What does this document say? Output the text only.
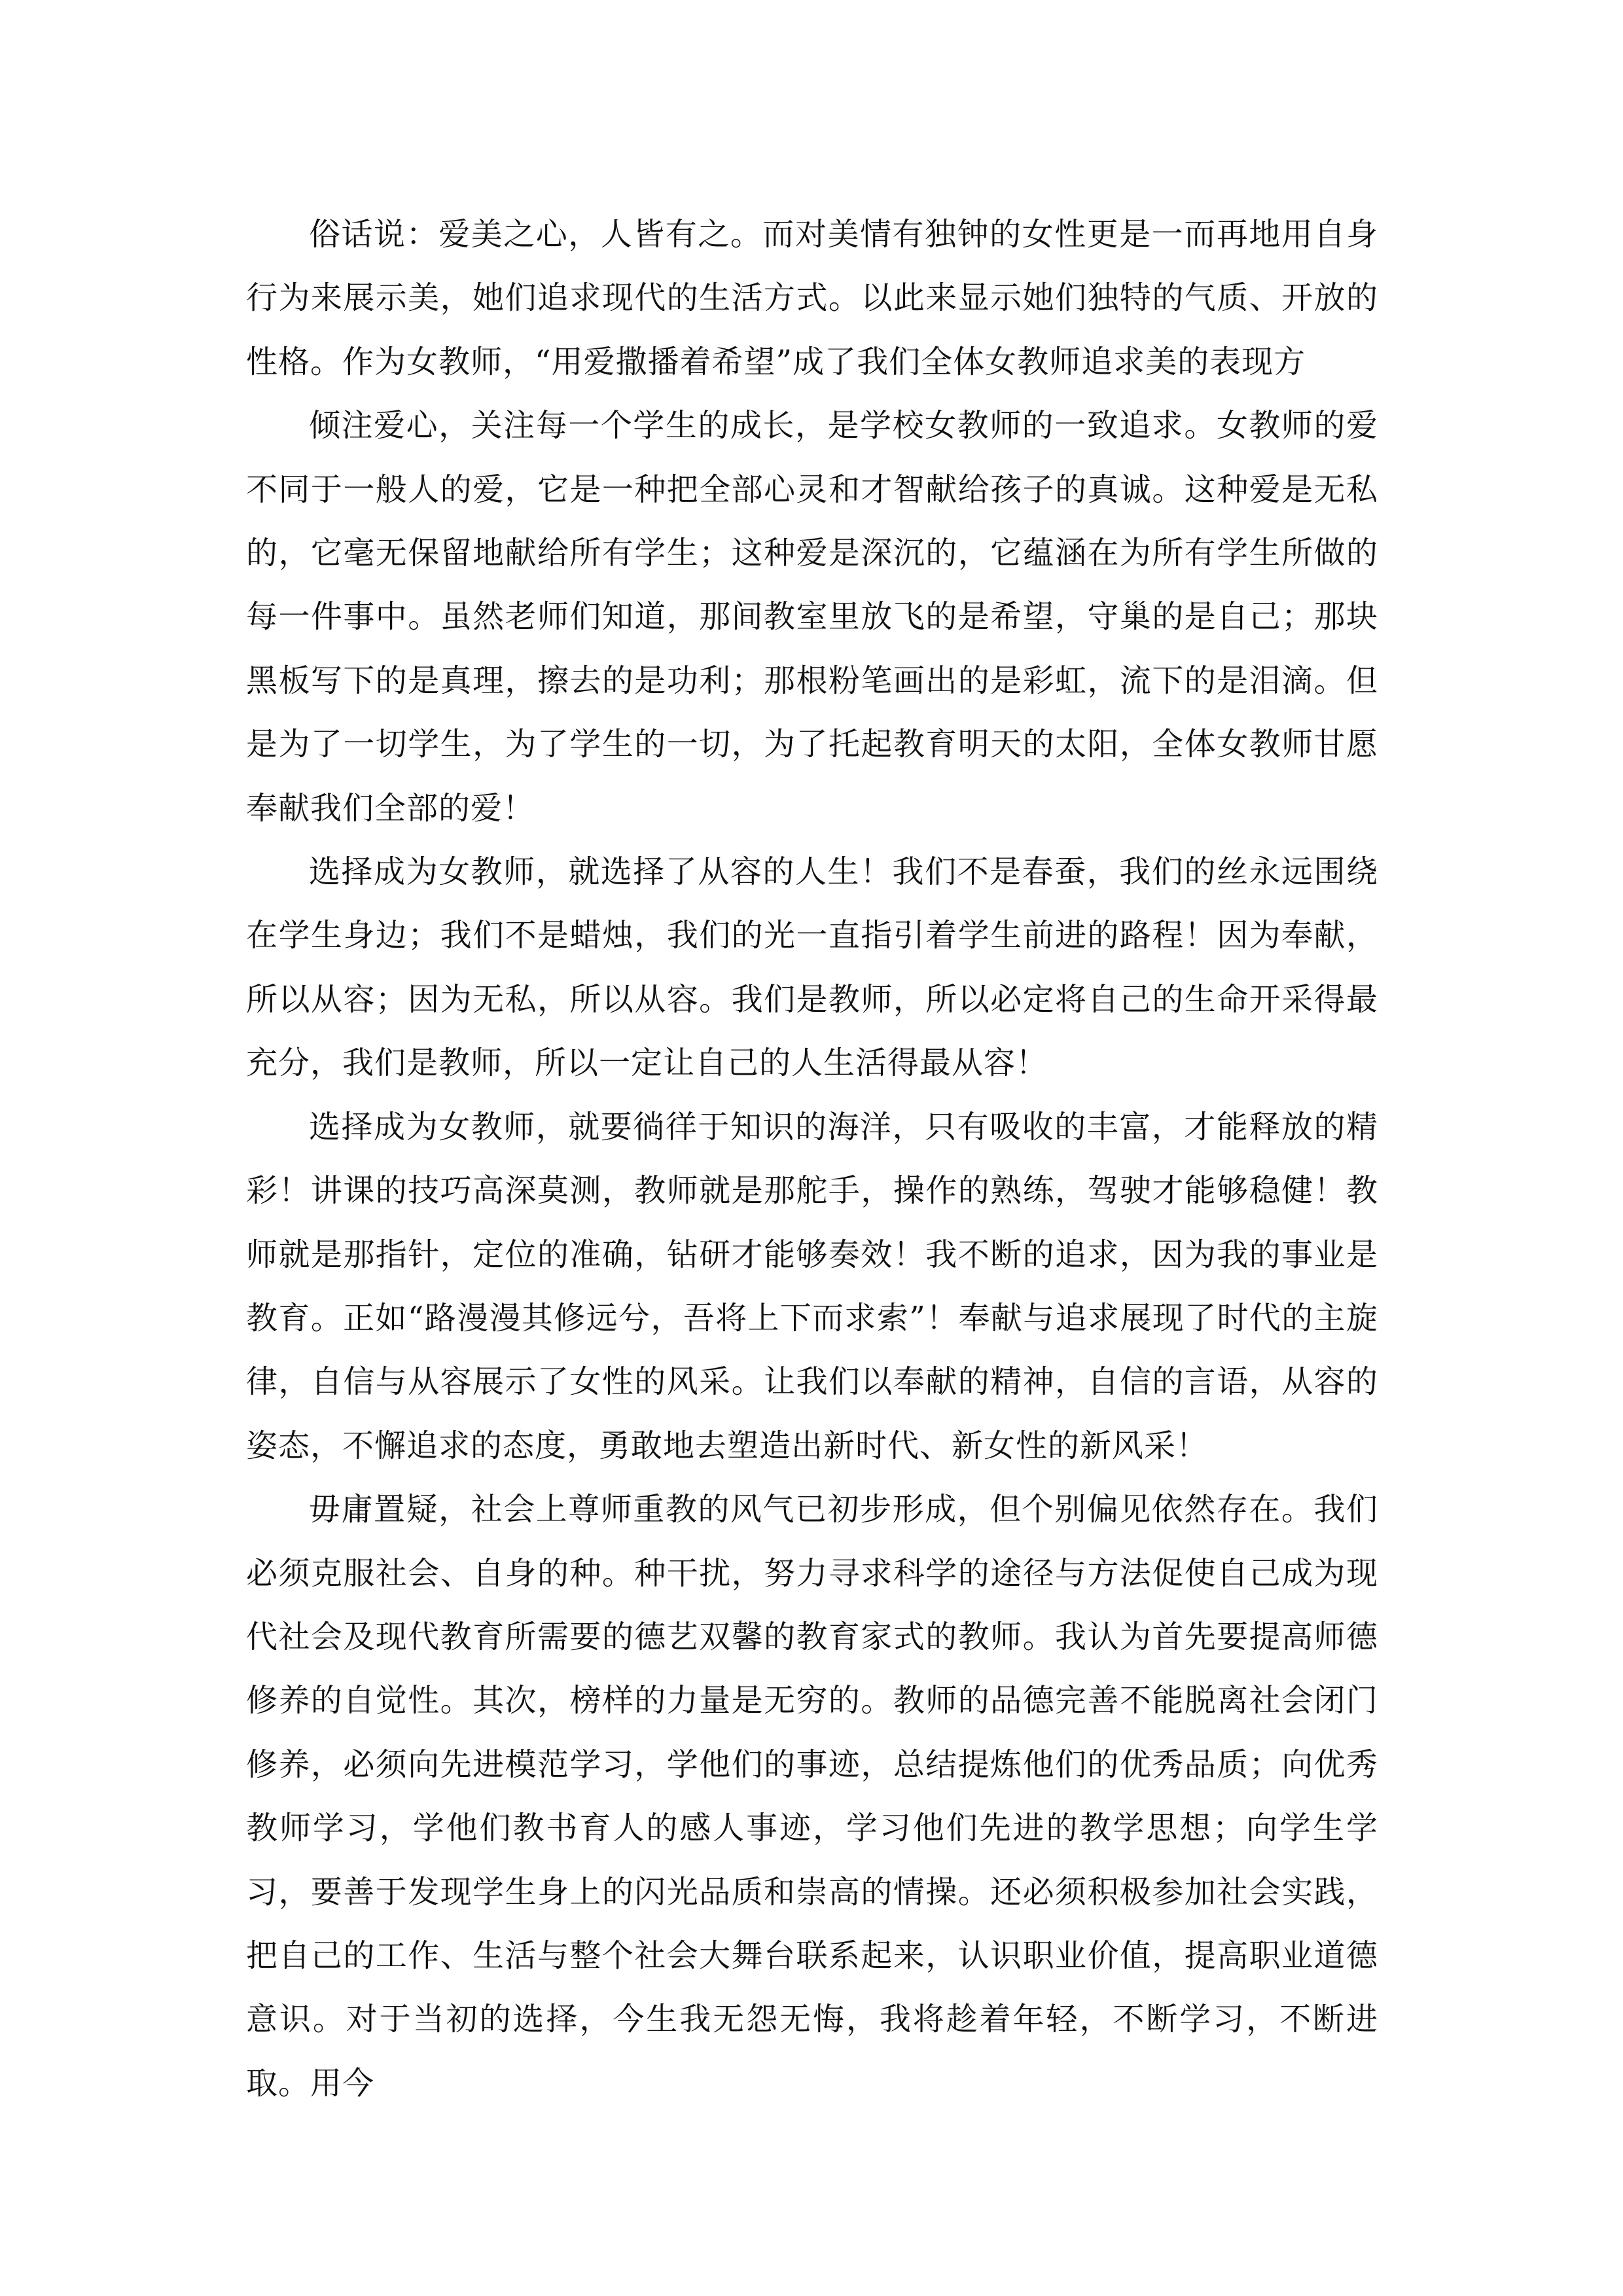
俗话说：爱美之心，人皆有之。而对美情有独钟的女性更是一而再地用自身行为来展示美，她们追求现代的生活方式。以此来显示她们独特的气质、开放的性格。作为女教师，“用爱撒播着希望”成了我们全体女教师追求美的表现方

倾注爱心，关注每一个学生的成长，是学校女教师的一致追求。女教师的爱不同于一般人的爱，它是一种把全部心灵和才智献给孩子的真诚。这种爱是无私的，它毫无保留地献给所有学生；这种爱是深沉的，它蕴涵在为所有学生所做的每一件事中。虽然老师们知道，那间教室里放飞的是希望，守巢的是自己；那块黑板写下的是真理，擦去的是功利；那根粉笔画出的是彩虹，流下的是泪滴。但是为了一切学生，为了学生的一切，为了托起教育明天的太阳，全体女教师甘愿奉献我们全部的爱！

选择成为女教师，就选择了从容的人生！我们不是春蚕，我们的丝永远围绕在学生身边；我们不是蜡烛，我们的光一直指引着学生前进的路程！因为奉献，所以从容；因为无私，所以从容。我们是教师，所以必定将自己的生命开采得最充分，我们是教师，所以一定让自己的人生活得最从容！

选择成为女教师，就要徜徉于知识的海洋，只有吸收的丰富，才能释放的精彩！讲课的技巧高深莫测，教师就是那舵手，操作的熟练，驾驶才能够稳健！教师就是那指针，定位的准确，钻研才能够奏效！我不断的追求，因为我的事业是教育。正如“路漫漫其修远兮，吾将上下而求索”！奉献与追求展现了时代的主旋律，自信与从容展示了女性的风采。让我们以奉献的精神，自信的言语，从容的姿态，不懈追求的态度，勇敢地去塑造出新时代、新女性的新风采！

毋庸置疑，社会上尊师重教的风气已初步形成，但个别偏见依然存在。我们必须克服社会、自身的种。种干扰，努力寻求科学的途径与方法促使自己成为现代社会及现代教育所需要的德艺双馨的教育家式的教师。我认为首先要提高师德修养的自觉性。其次，榜样的力量是无穷的。教师的品德完善不能脱离社会闭门修养，必须向先进模范学习，学他们的事迹，总结提炼他们的优秀品质；向优秀教师学习，学他们教书育人的感人事迹，学习他们先进的教学思想；向学生学习，要善于发现学生身上的闪光品质和崇高的情操。还必须积极参加社会实践，把自己的工作、生活与整个社会大舞台联系起来，认识职业价值，提高职业道德意识。对于当初的选择，今生我无怨无悔，我将趁着年轻，不断学习，不断进取。用今
